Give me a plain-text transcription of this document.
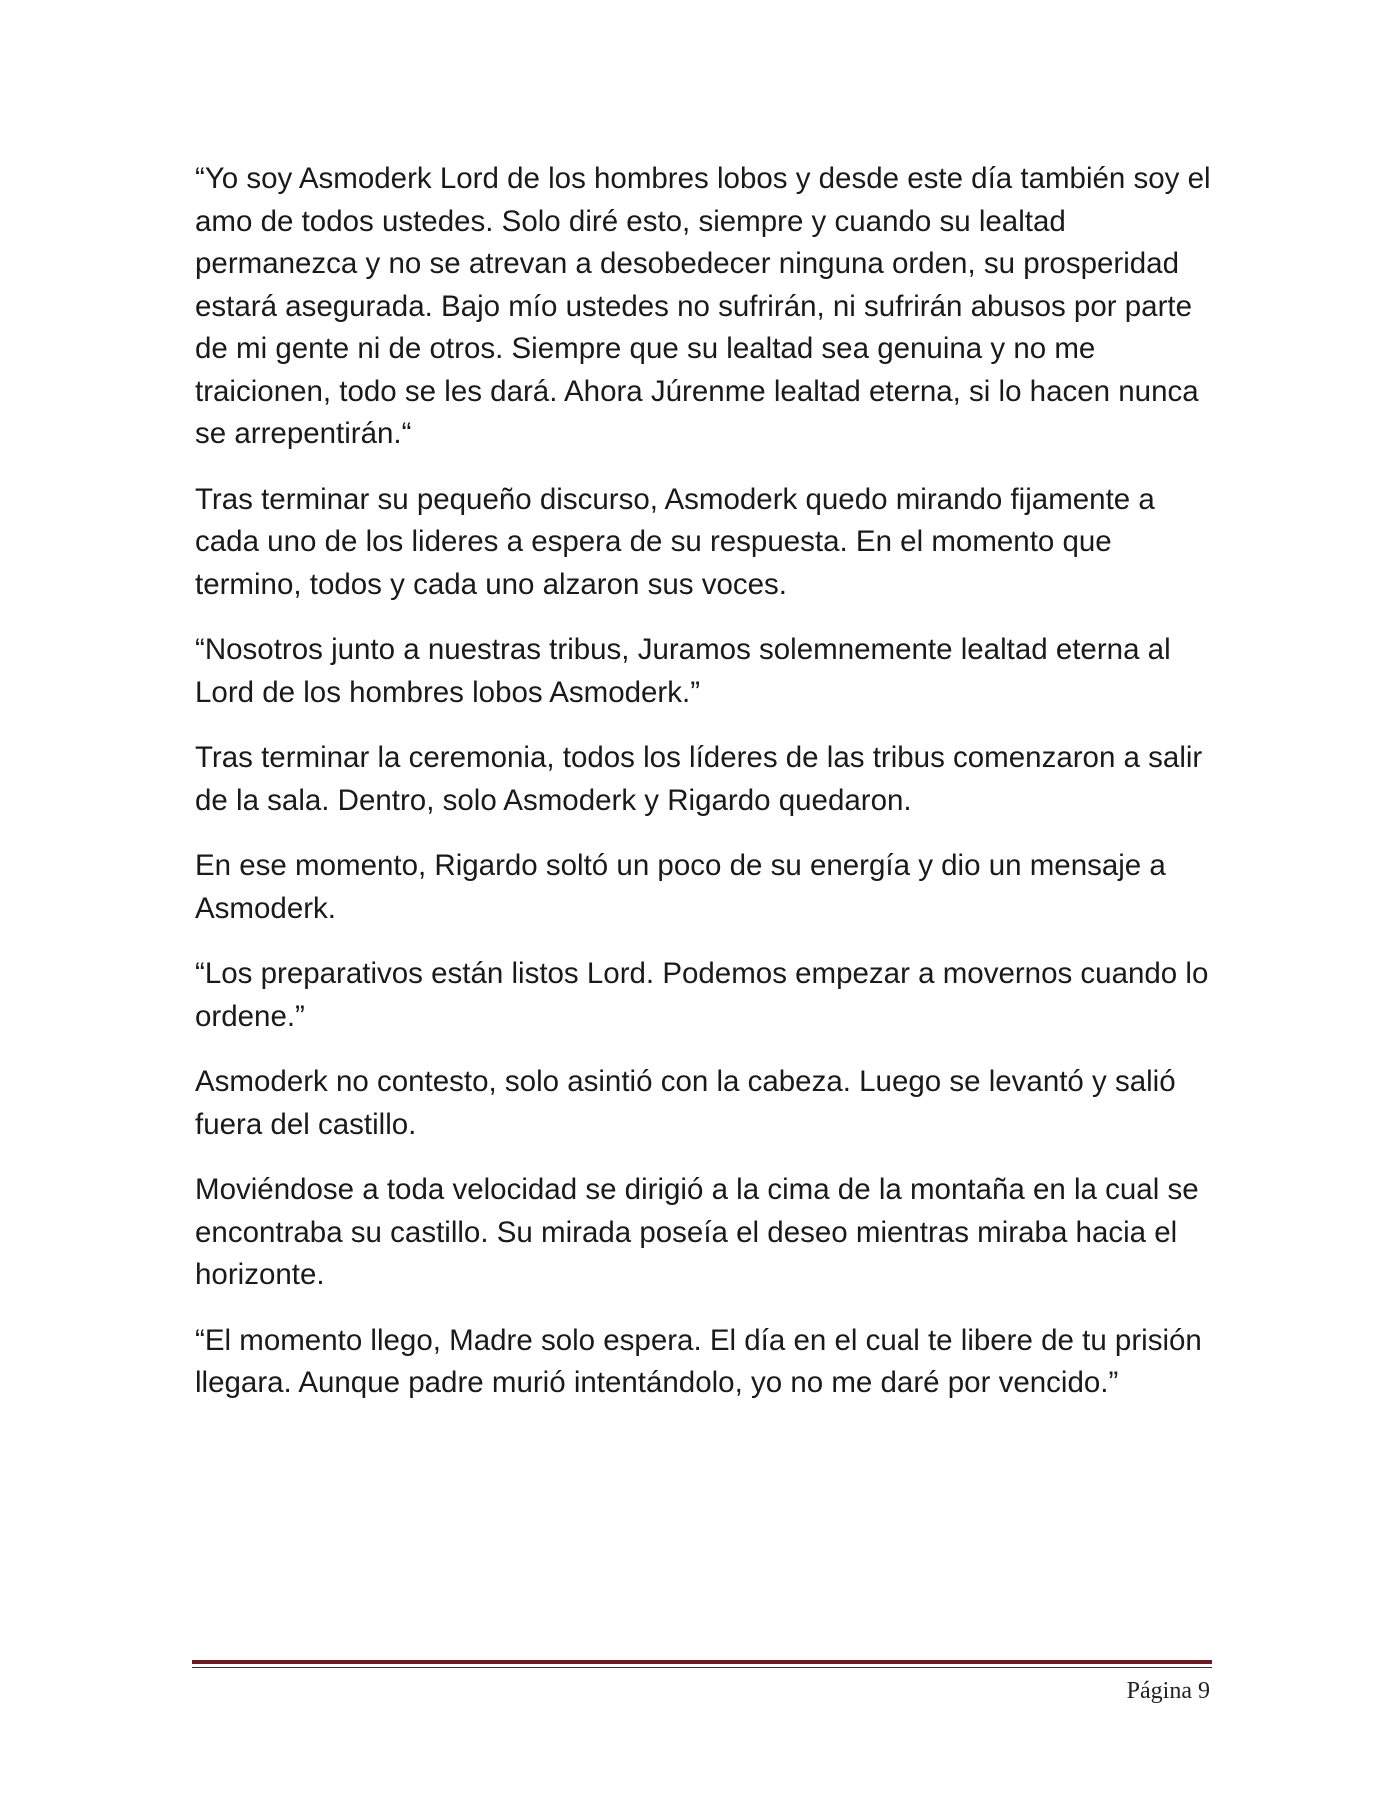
“Yo soy Asmoderk Lord de los hombres lobos y desde este día también soy el amo de todos ustedes. Solo diré esto, siempre y cuando su lealtad permanezca y no se atrevan a desobedecer ninguna orden, su prosperidad estará asegurada. Bajo mío ustedes no sufrirán, ni sufrirán abusos por parte de mi gente ni de otros. Siempre que su lealtad sea genuina y no me traicionen, todo se les dará. Ahora Júrenme lealtad eterna, si lo hacen nunca se arrepentirán.“

Tras terminar su pequeño discurso, Asmoderk quedo mirando fijamente a cada uno de los lideres a espera de su respuesta. En el momento que termino, todos y cada uno alzaron sus voces.

“Nosotros junto a nuestras tribus, Juramos solemnemente lealtad eterna al Lord de los hombres lobos Asmoderk.”

Tras terminar la ceremonia, todos los líderes de las tribus comenzaron a salir de la sala. Dentro, solo Asmoderk y Rigardo quedaron.

En ese momento, Rigardo soltó un poco de su energía y dio un mensaje a Asmoderk.

“Los preparativos están listos Lord. Podemos empezar a movernos cuando lo ordene.”

Asmoderk no contesto, solo asintió con la cabeza. Luego se levantó y salió fuera del castillo.

Moviéndose a toda velocidad se dirigió a la cima de la montaña en la cual se encontraba su castillo. Su mirada poseía el deseo mientras miraba hacia el horizonte.

“El momento llego, Madre solo espera. El día en el cual te libere de tu prisión llegara. Aunque padre murió intentándolo, yo no me daré por vencido.”

Página 9
